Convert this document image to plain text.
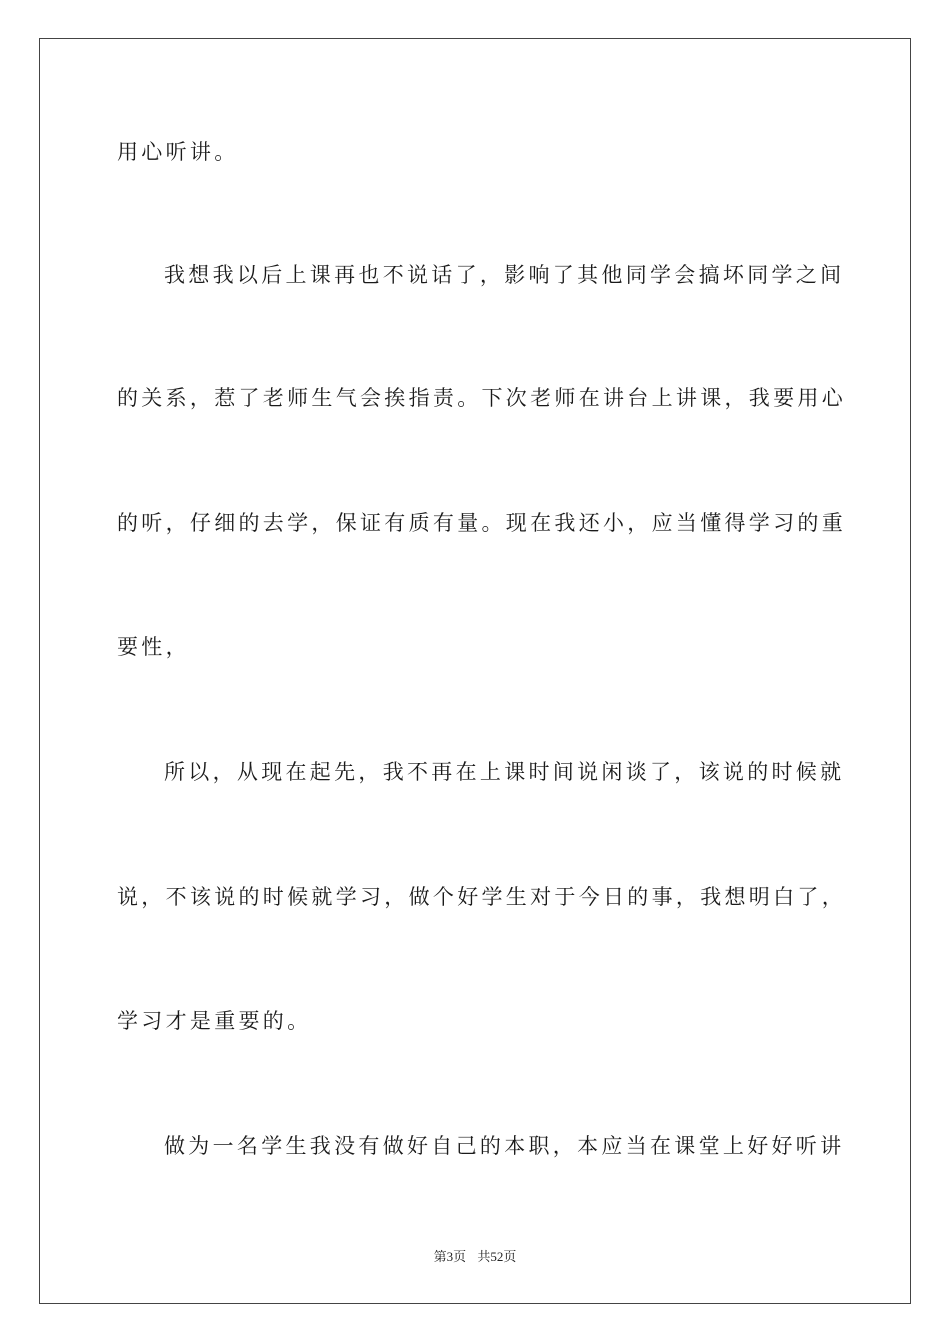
用心听讲。
我想我以后上课再也不说话了，影响了其他同学会搞坏同学之间
的关系，惹了老师生气会挨指责。下次老师在讲台上讲课，我要用心
的听，仔细的去学，保证有质有量。现在我还小，应当懂得学习的重
要性，
所以，从现在起先，我不再在上课时间说闲谈了，该说的时候就
说，不该说的时候就学习，做个好学生对于今日的事，我想明白了，
学习才是重要的。
做为一名学生我没有做好自己的本职，本应当在课堂上好好听讲
第3页 共52页
